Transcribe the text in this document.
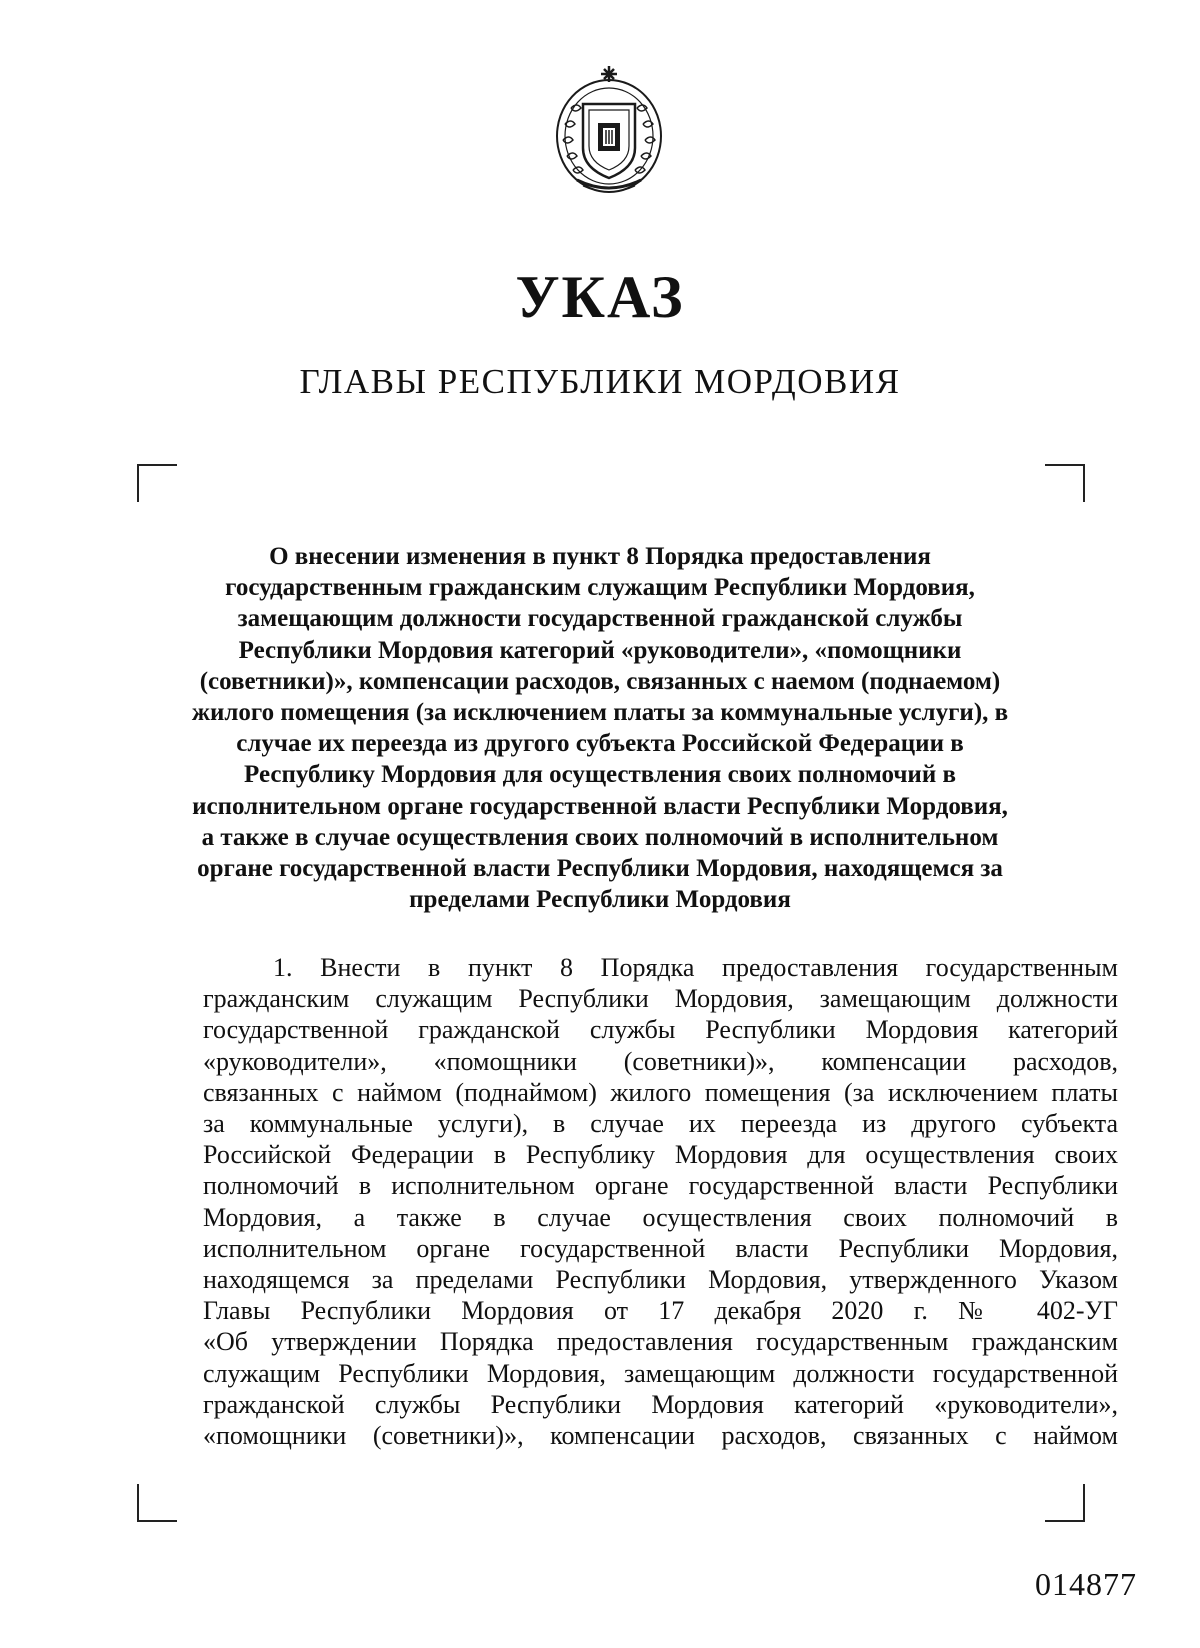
УКАЗ
ГЛАВЫ РЕСПУБЛИКИ МОРДОВИЯ
О внесении изменения в пункт 8 Порядка предоставления
государственным гражданским служащим Республики Мордовия,
замещающим должности государственной гражданской службы
Республики Мордовия категорий «руководители», «помощники
(советники)», компенсации расходов, связанных с наемом (поднаемом)
жилого помещения (за исключением платы за коммунальные услуги), в
случае их переезда из другого субъекта Российской Федерации в
Республику Мордовия для осуществления своих полномочий в
исполнительном органе государственной власти Республики Мордовия,
а также в случае осуществления своих полномочий в исполнительном
органе государственной власти Республики Мордовия, находящемся за
пределами Республики Мордовия
1. Внести в пункт 8 Порядка предоставления государственным
гражданским служащим Республики Мордовия, замещающим должности
государственной гражданской службы Республики Мордовия категорий
«руководители», «помощники (советники)», компенсации расходов,
связанных с наймом (поднаймом) жилого помещения (за исключением платы
за коммунальные услуги), в случае их переезда из другого субъекта
Российской Федерации в Республику Мордовия для осуществления своих
полномочий в исполнительном органе государственной власти Республики
Мордовия, а также в случае осуществления своих полномочий в
исполнительном органе государственной власти Республики Мордовия,
находящемся за пределами Республики Мордовия, утвержденного Указом
Главы Республики Мордовия от 17 декабря 2020 г. № 402-УГ
«Об утверждении Порядка предоставления государственным гражданским
служащим Республики Мордовия, замещающим должности государственной
гражданской службы Республики Мордовия категорий «руководители»,
«помощники (советники)», компенсации расходов, связанных с наймом
014877
